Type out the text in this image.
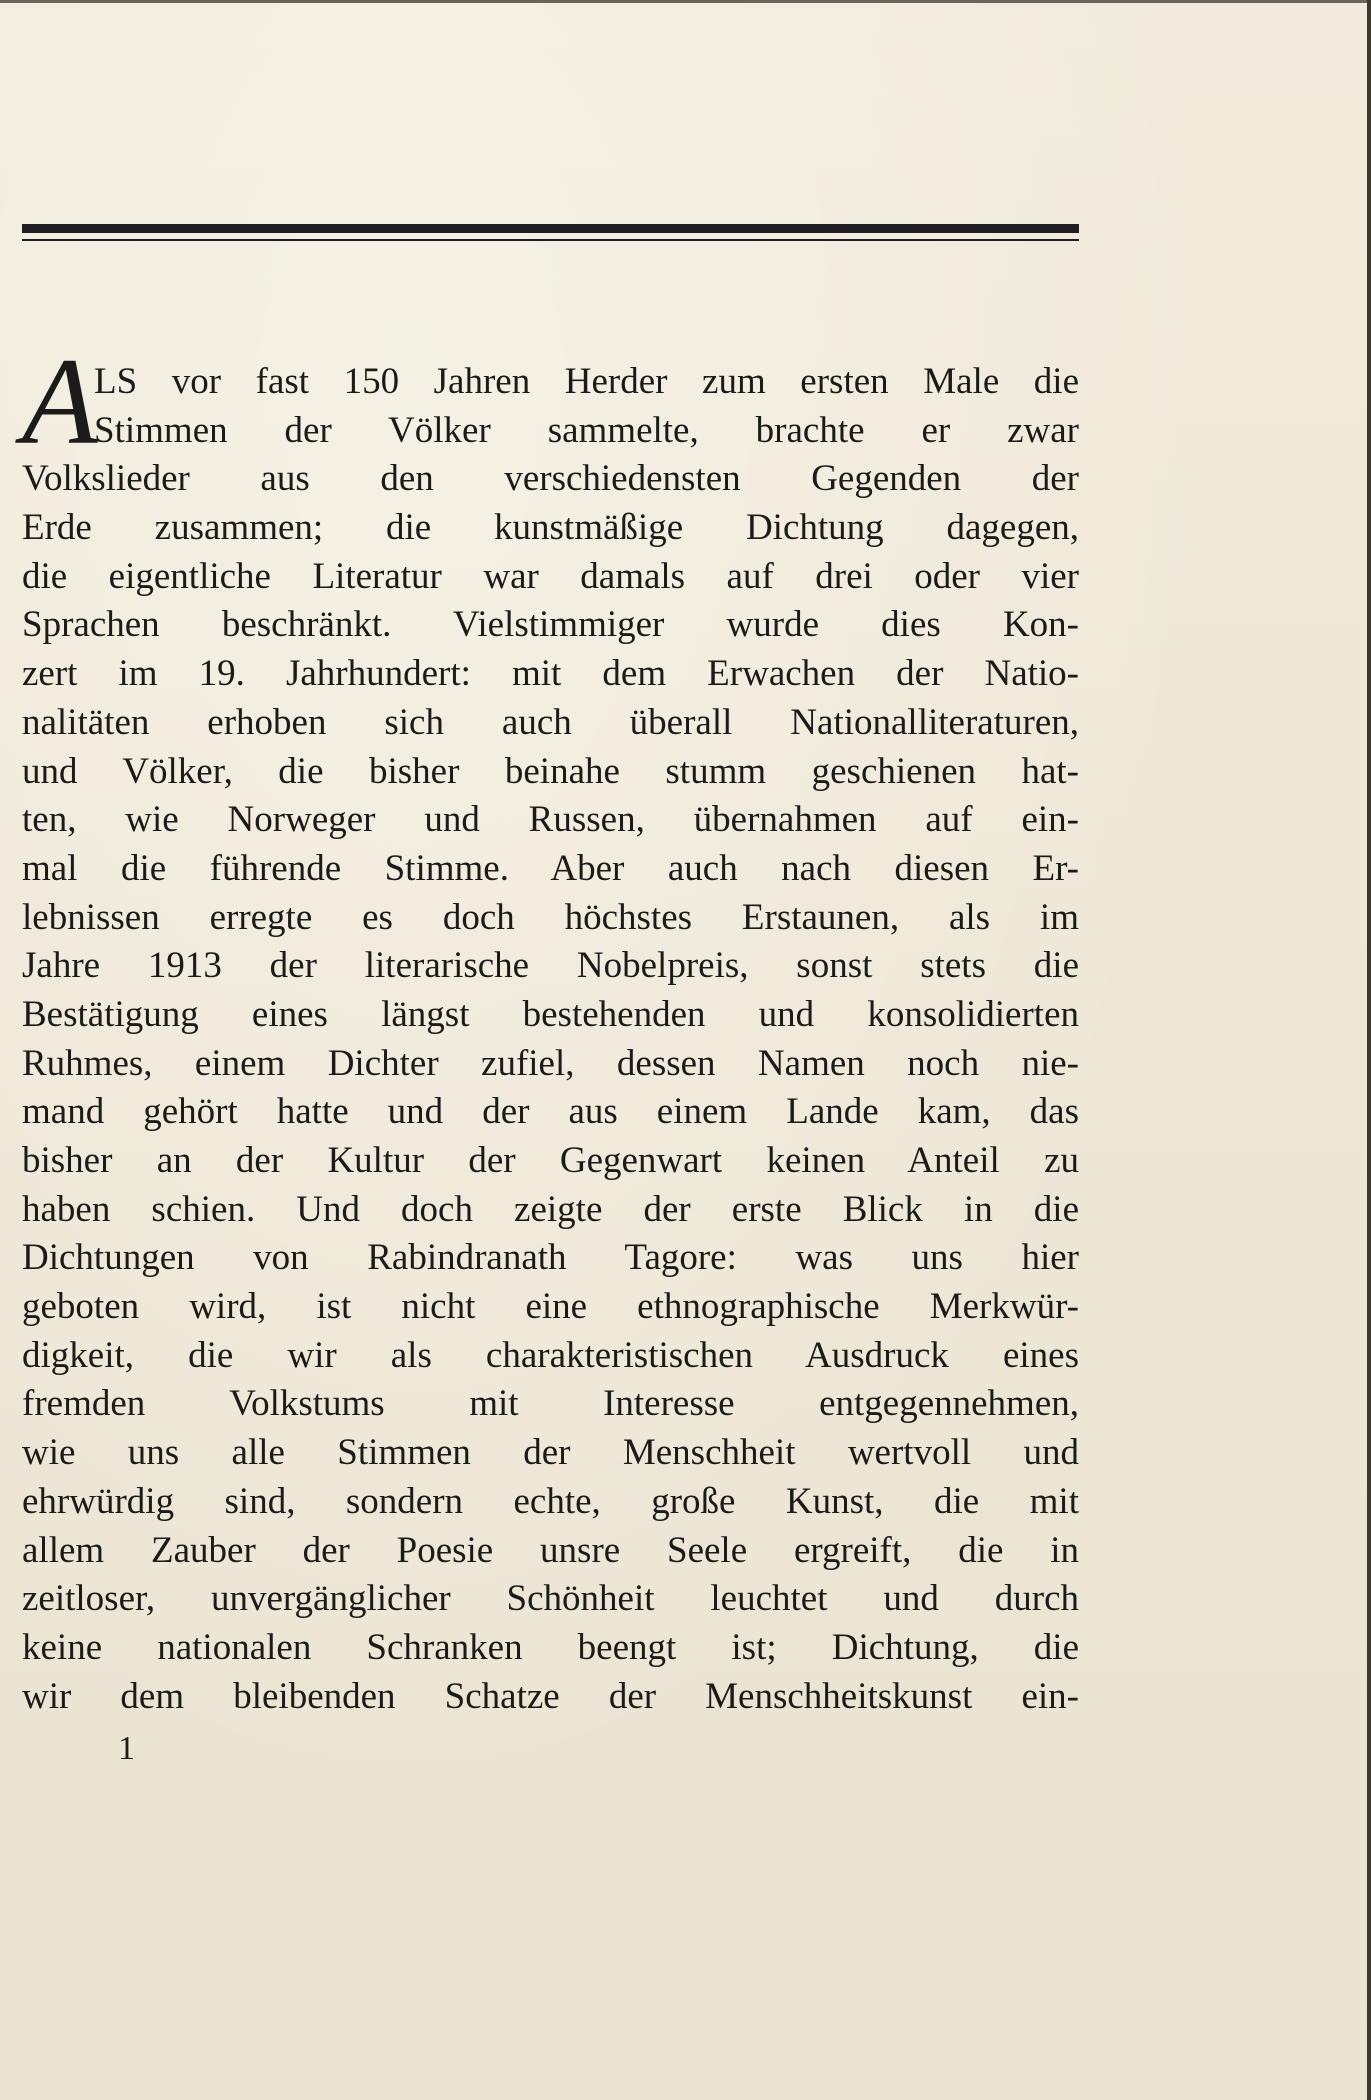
A
LS vor fast 150 Jahren Herder zum ersten Male die
Stimmen der Völker sammelte, brachte er zwar
Volkslieder aus den verschiedensten Gegenden der
Erde zusammen; die kunstmäßige Dichtung dagegen,
die eigentliche Literatur war damals auf drei oder vier
Sprachen beschränkt. Vielstimmiger wurde dies Kon-
zert im 19. Jahrhundert: mit dem Erwachen der Natio-
nalitäten erhoben sich auch überall Nationalliteraturen,
und Völker, die bisher beinahe stumm geschienen hat-
ten, wie Norweger und Russen, übernahmen auf ein-
mal die führende Stimme. Aber auch nach diesen Er-
lebnissen erregte es doch höchstes Erstaunen, als im
Jahre 1913 der literarische Nobelpreis, sonst stets die
Bestätigung eines längst bestehenden und konsolidierten
Ruhmes, einem Dichter zufiel, dessen Namen noch nie-
mand gehört hatte und der aus einem Lande kam, das
bisher an der Kultur der Gegenwart keinen Anteil zu
haben schien. Und doch zeigte der erste Blick in die
Dichtungen von Rabindranath Tagore: was uns hier
geboten wird, ist nicht eine ethnographische Merkwür-
digkeit, die wir als charakteristischen Ausdruck eines
fremden Volkstums mit Interesse entgegennehmen,
wie uns alle Stimmen der Menschheit wertvoll und
ehrwürdig sind, sondern echte, große Kunst, die mit
allem Zauber der Poesie unsre Seele ergreift, die in
zeitloser, unvergänglicher Schönheit leuchtet und durch
keine nationalen Schranken beengt ist; Dichtung, die
wir dem bleibenden Schatze der Menschheitskunst ein-
1
